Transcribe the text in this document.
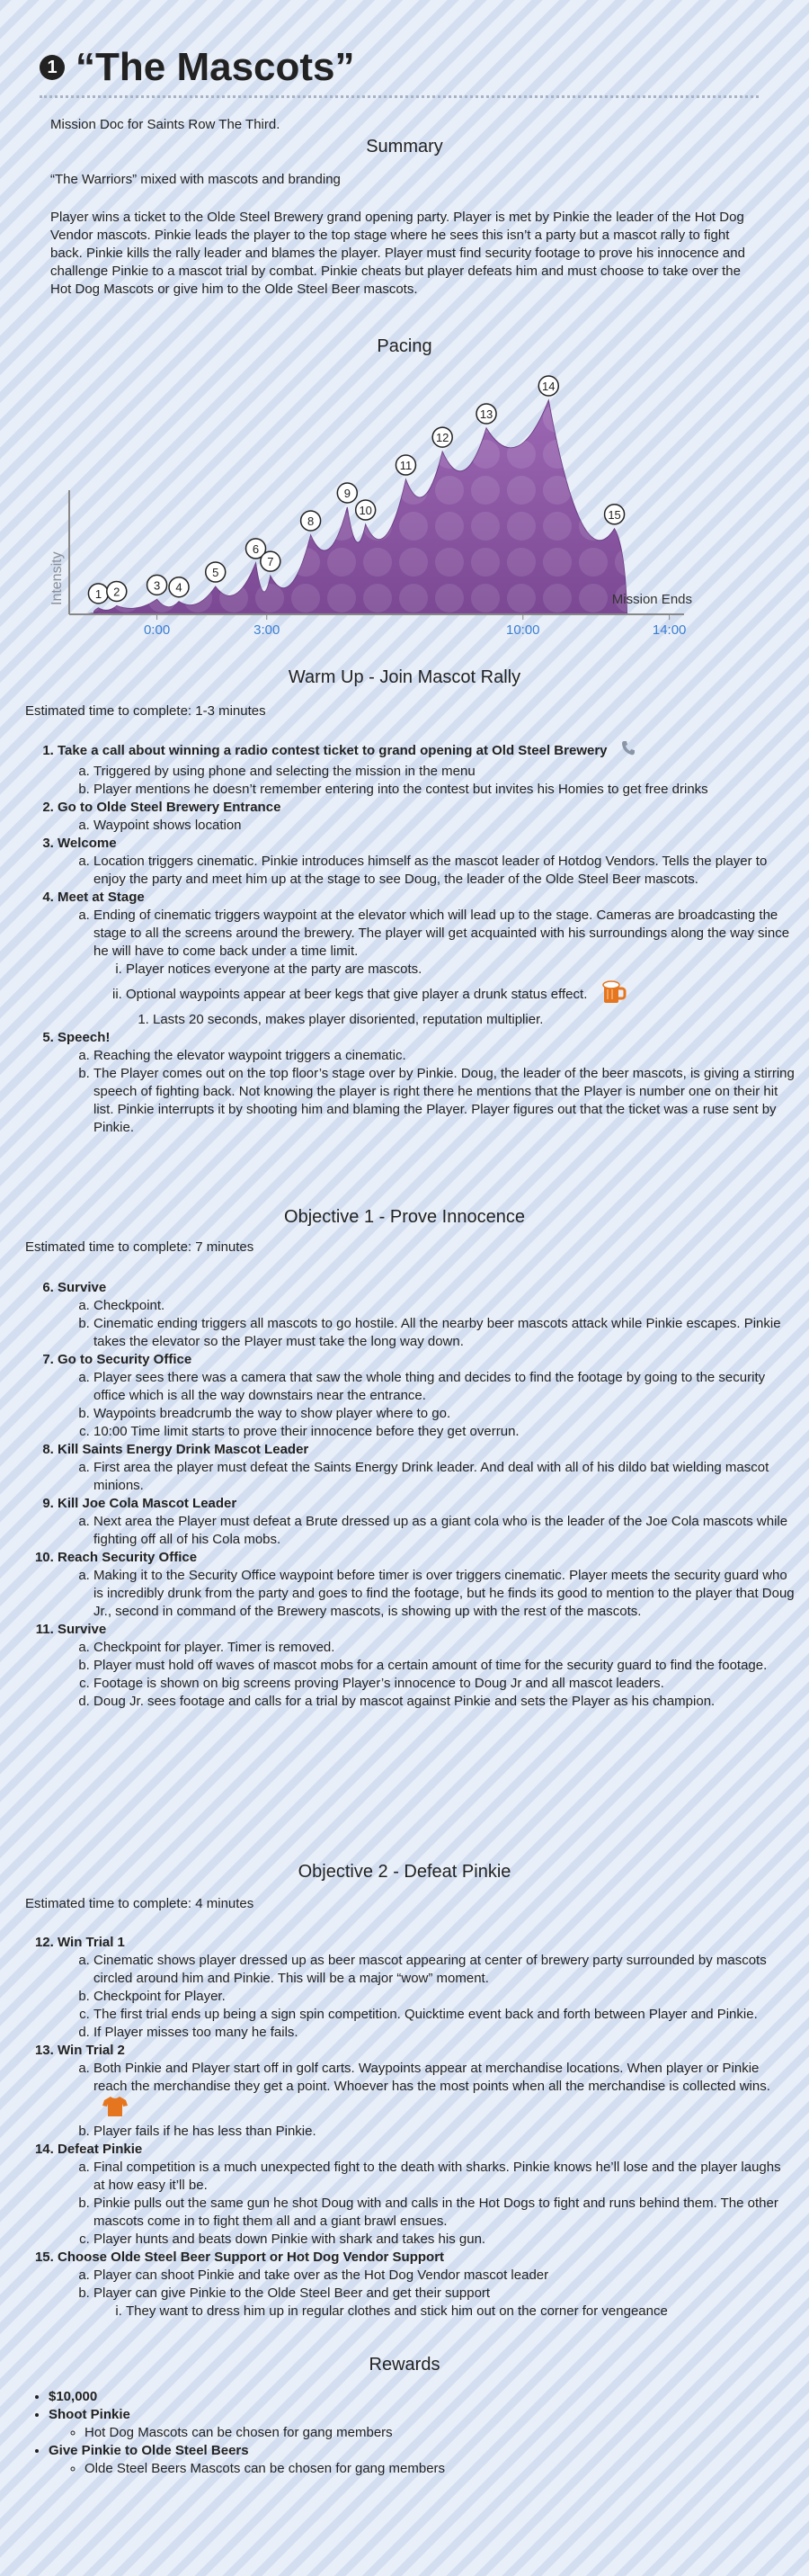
1 “The Mascots”
Mission Doc for Saints Row The Third.
Summary

“The Warriors” mixed with mascots and branding

Player wins a ticket to the Olde Steel Brewery grand opening party. Player is met by Pinkie the leader of the Hot Dog Vendor mascots. Pinkie leads the player to the top stage where he sees this isn’t a party but a mascot rally to fight back. Pinkie kills the rally leader and blames the player. Player must find security footage to prove his innocence and challenge Pinkie to a mascot trial by combat. Pinkie cheats but player defeats him and must choose to take over the Hot Dog Mascots or give him to the Olde Steel Beer mascots.

Pacing
Intensity
0:00	3:00	10:00	14:00
Mission Ends
1 2	3 4
5
6
7
8
9
10
11
12
13
14
15
Warm Up - Join Mascot Rally
Estimated time to complete: 1-3 minutes
1. Take a call about winning a radio contest ticket to grand opening at Old Steel Brewery
a. Triggered by using phone and selecting the mission in the menu
b. Player mentions he doesn’t remember entering into the contest but invites his Homies to get free drinks
2. Go to Olde Steel Brewery Entrance
a. Waypoint shows location
3. Welcome
a. Location triggers cinematic. Pinkie introduces himself as the mascot leader of Hotdog Vendors. Tells the player to enjoy the party and meet him up at the stage to see Doug, the leader of the Olde Steel Beer mascots.
4. Meet at Stage
a. Ending of cinematic triggers waypoint at the elevator which will lead up to the stage. Cameras are broadcasting the stage to all the screens around the brewery. The player will get acquainted with his surroundings along the way since he will have to come back under a time limit.
i. Player notices everyone at the party are mascots.
ii. Optional waypoints appear at beer kegs that give player a drunk status effect.
1. Lasts 20 seconds, makes player disoriented, reputation multiplier.
5. Speech!
a. Reaching the elevator waypoint triggers a cinematic.
b. The Player comes out on the top floor’s stage over by Pinkie. Doug, the leader of the beer mascots, is giving a stirring speech of fighting back. Not knowing the player is right there he mentions that the Player is number one on their hit list. Pinkie interrupts it by shooting him and blaming the Player. Player figures out that the ticket was a ruse sent by Pinkie.
Objective 1 - Prove Innocence
Estimated time to complete: 7 minutes
6. Survive
a. Checkpoint.
b. Cinematic ending triggers all mascots to go hostile. All the nearby beer mascots attack while Pinkie escapes. Pinkie takes the elevator so the Player must take the long way down.
7. Go to Security Office
a. Player sees there was a camera that saw the whole thing and decides to find the footage by going to the security office which is all the way downstairs near the entrance.
b. Waypoints breadcrumb the way to show player where to go.
c. 10:00 Time limit starts to prove their innocence before they get overrun.
8. Kill Saints Energy Drink Mascot Leader
a. First area the player must defeat the Saints Energy Drink leader. And deal with all of his dildo bat wielding mascot minions.
9. Kill Joe Cola Mascot Leader
a. Next area the Player must defeat a Brute dressed up as a giant cola who is the leader of the Joe Cola mascots while fighting off all of his Cola mobs.
10. Reach Security Office
a. Making it to the Security Office waypoint before timer is over triggers cinematic. Player meets the security guard who is incredibly drunk from the party and goes to find the footage, but he finds its good to mention to the player that Doug Jr., second in command of the Brewery mascots, is showing up with the rest of the mascots.
11. Survive
a. Checkpoint for player. Timer is removed.
b. Player must hold off waves of mascot mobs for a certain amount of time for the security guard to find the footage.
c. Footage is shown on big screens proving Player’s innocence to Doug Jr and all mascot leaders.
d. Doug Jr. sees footage and calls for a trial by mascot against Pinkie and sets the Player as his champion.
Objective 2 - Defeat Pinkie
Estimated time to complete: 4 minutes
12. Win Trial 1
a. Cinematic shows player dressed up as beer mascot appearing at center of brewery party surrounded by mascots circled around him and Pinkie. This will be a major “wow” moment.
b. Checkpoint for Player.
c. The first trial ends up being a sign spin competition. Quicktime event back and forth between Player and Pinkie.
d. If Player misses too many he fails.
13. Win Trial 2
a. Both Pinkie and Player start off in golf carts. Waypoints appear at merchandise locations. When player or Pinkie reach the merchandise they get a point. Whoever has the most points when all the merchandise is collected wins.
b. Player fails if he has less than Pinkie.
14. Defeat Pinkie
a. Final competition is a much unexpected fight to the death with sharks. Pinkie knows he’ll lose and the player laughs at how easy it’ll be.
b. Pinkie pulls out the same gun he shot Doug with and calls in the Hot Dogs to fight and runs behind them. The other mascots come in to fight them all and a giant brawl ensues.
c. Player hunts and beats down Pinkie with shark and takes his gun.
15. Choose Olde Steel Beer Support or Hot Dog Vendor Support
a. Player can shoot Pinkie and take over as the Hot Dog Vendor mascot leader
b. Player can give Pinkie to the Olde Steel Beer and get their support
i. They want to dress him up in regular clothes and stick him out on the corner for vengeance
Rewards
• $10,000
• Shoot Pinkie
◦ Hot Dog Mascots can be chosen for gang members
• Give Pinkie to Olde Steel Beers
◦ Olde Steel Beers Mascots can be chosen for gang members
